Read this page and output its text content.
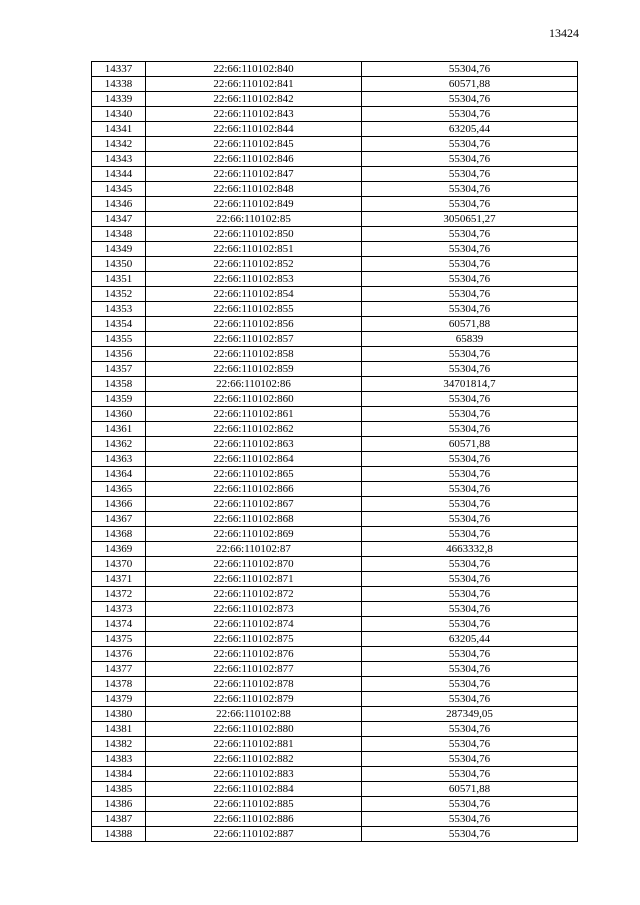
13424
14337	22:66:110102:840	55304,76
14338	22:66:110102:841	60571,88
14339	22:66:110102:842	55304,76
14340	22:66:110102:843	55304,76
14341	22:66:110102:844	63205,44
14342	22:66:110102:845	55304,76
14343	22:66:110102:846	55304,76
14344	22:66:110102:847	55304,76
14345	22:66:110102:848	55304,76
14346	22:66:110102:849	55304,76
14347	22:66:110102:85	3050651,27
14348	22:66:110102:850	55304,76
14349	22:66:110102:851	55304,76
14350	22:66:110102:852	55304,76
14351	22:66:110102:853	55304,76
14352	22:66:110102:854	55304,76
14353	22:66:110102:855	55304,76
14354	22:66:110102:856	60571,88
14355	22:66:110102:857	65839
14356	22:66:110102:858	55304,76
14357	22:66:110102:859	55304,76
14358	22:66:110102:86	34701814,7
14359	22:66:110102:860	55304,76
14360	22:66:110102:861	55304,76
14361	22:66:110102:862	55304,76
14362	22:66:110102:863	60571,88
14363	22:66:110102:864	55304,76
14364	22:66:110102:865	55304,76
14365	22:66:110102:866	55304,76
14366	22:66:110102:867	55304,76
14367	22:66:110102:868	55304,76
14368	22:66:110102:869	55304,76
14369	22:66:110102:87	4663332,8
14370	22:66:110102:870	55304,76
14371	22:66:110102:871	55304,76
14372	22:66:110102:872	55304,76
14373	22:66:110102:873	55304,76
14374	22:66:110102:874	55304,76
14375	22:66:110102:875	63205,44
14376	22:66:110102:876	55304,76
14377	22:66:110102:877	55304,76
14378	22:66:110102:878	55304,76
14379	22:66:110102:879	55304,76
14380	22:66:110102:88	287349,05
14381	22:66:110102:880	55304,76
14382	22:66:110102:881	55304,76
14383	22:66:110102:882	55304,76
14384	22:66:110102:883	55304,76
14385	22:66:110102:884	60571,88
14386	22:66:110102:885	55304,76
14387	22:66:110102:886	55304,76
14388	22:66:110102:887	55304,76
